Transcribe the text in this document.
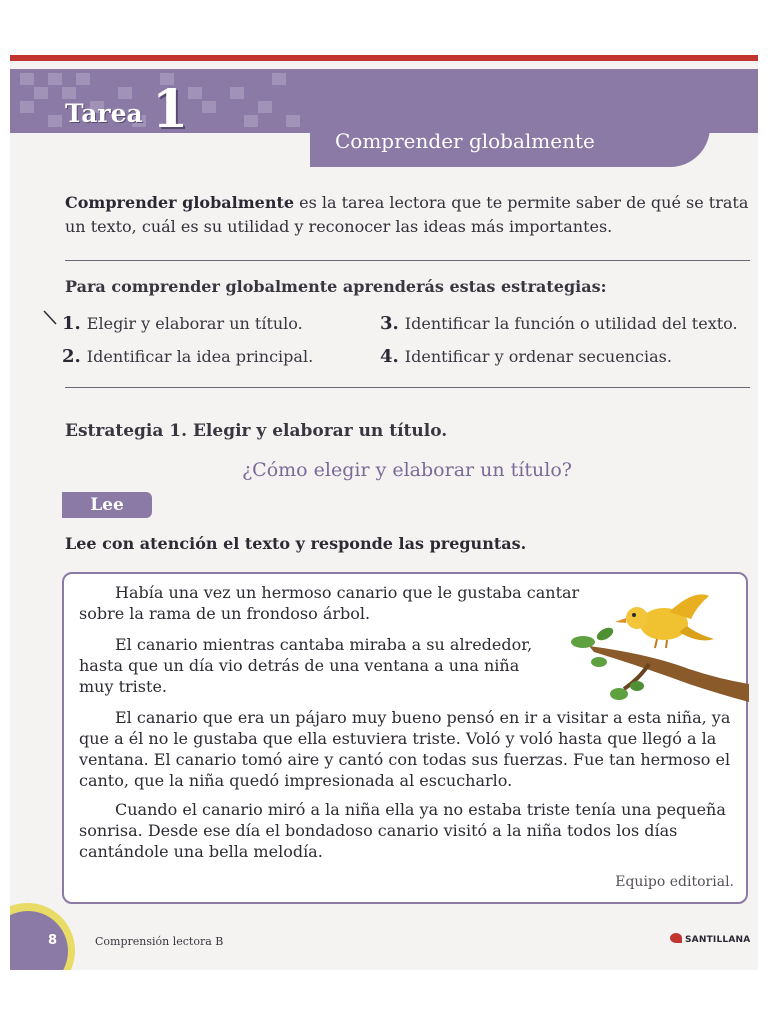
Tarea 1
Comprender globalmente
Comprender globalmente es la tarea lectora que te permite saber de qué se trata un texto, cuál es su utilidad y reconocer las ideas más importantes.
Para comprender globalmente aprenderás estas estrategias:
1. Elegir y elaborar un título.
2. Identificar la idea principal.
3. Identificar la función o utilidad del texto.
4. Identificar y ordenar secuencias.
Estrategia 1. Elegir y elaborar un título.
¿Cómo elegir y elaborar un título?
Lee
Lee con atención el texto y responde las preguntas.
Había una vez un hermoso canario que le gustaba cantar sobre la rama de un frondoso árbol.
El canario mientras cantaba miraba a su alrededor, hasta que un día vio detrás de una ventana a una niña muy triste.
El canario que era un pájaro muy bueno pensó en ir a visitar a esta niña, ya que a él no le gustaba que ella estuviera triste. Voló y voló hasta que llegó a la ventana. El canario tomó aire y cantó con todas sus fuerzas. Fue tan hermoso el canto, que la niña quedó impresionada al escucharlo.
Cuando el canario miró a la niña ella ya no estaba triste tenía una pequeña sonrisa. Desde ese día el bondadoso canario visitó a la niña todos los días cantándole una bella melodía.
Equipo editorial.
8	Comprensión lectora B	SANTILLANA
